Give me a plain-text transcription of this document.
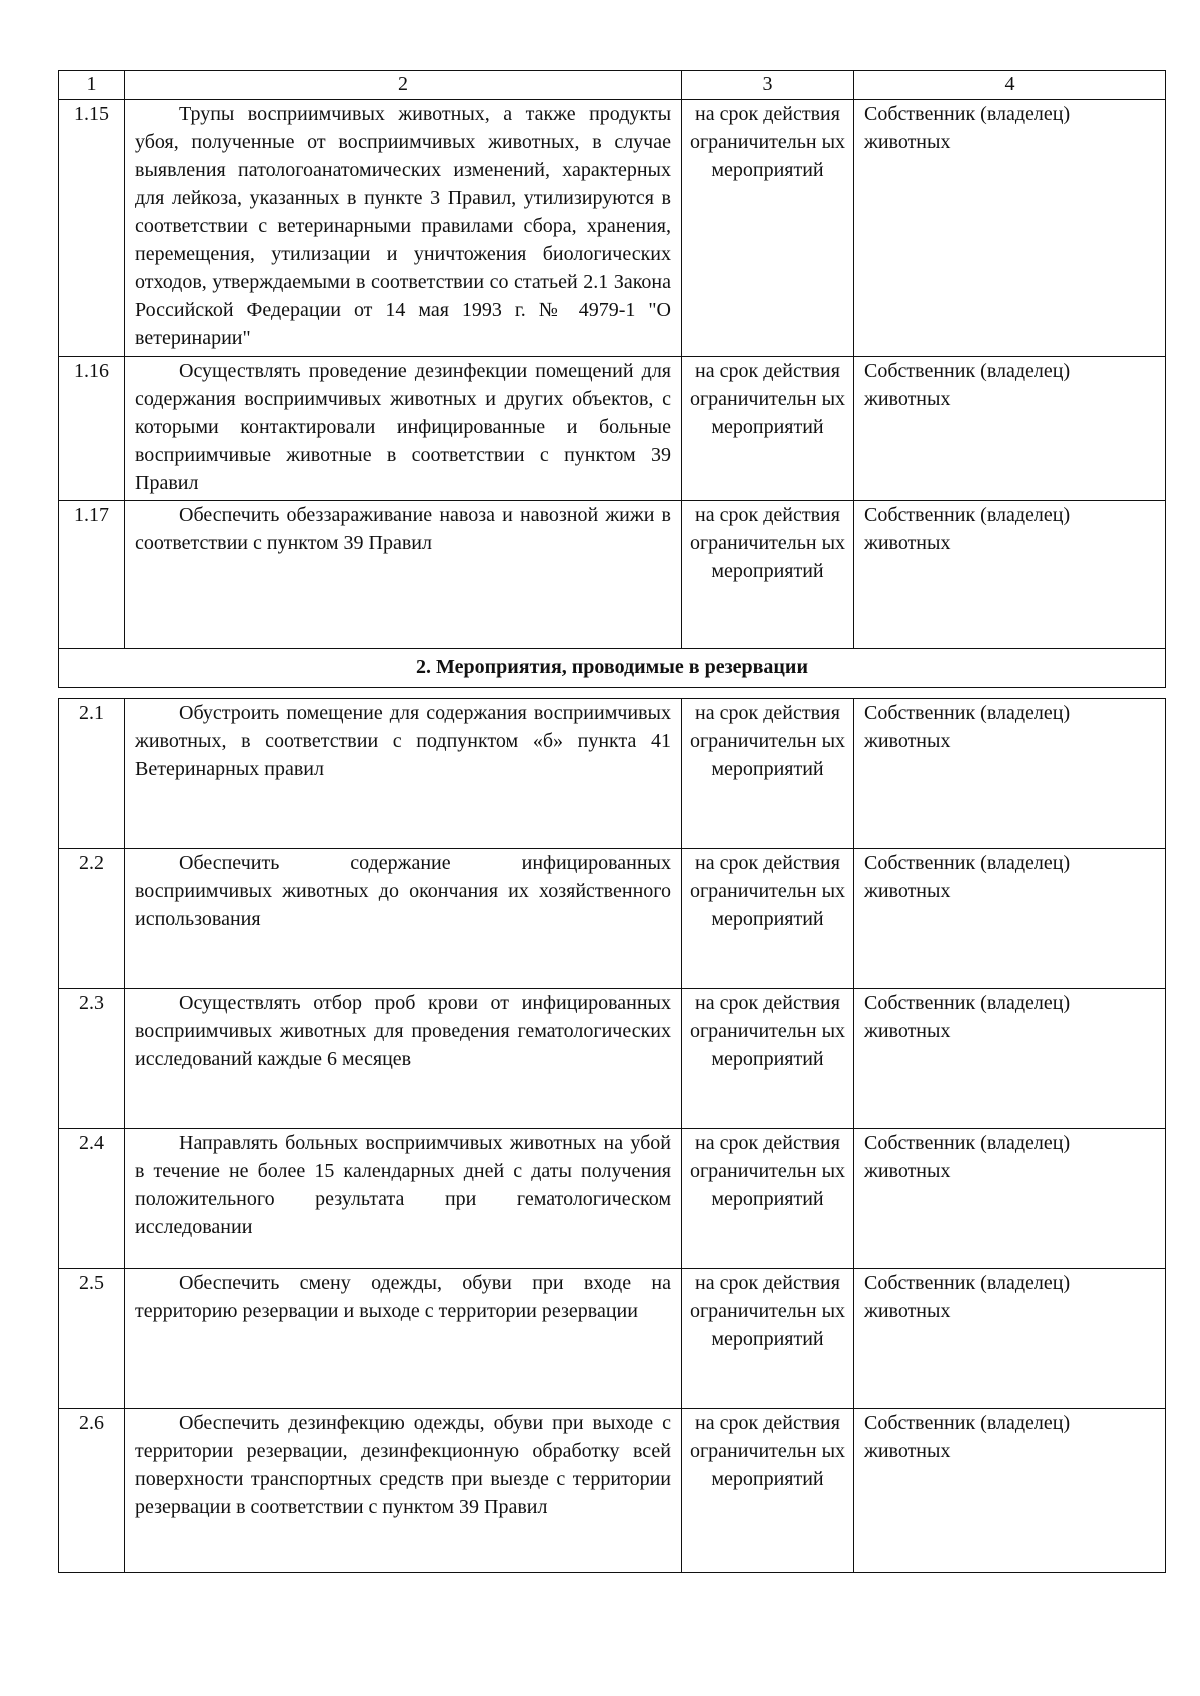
1	2	3	4
1.15	Трупы восприимчивых животных, а также продукты убоя, полученные от восприимчивых животных, в случае выявления патологоанатомических изменений, характерных для лейкоза, указанных в пункте 3 Правил, утилизируются в соответствии с ветеринарными правилами сбора, хранения, перемещения, утилизации и уничтожения биологических отходов, утверждаемыми в соответствии со статьей 2.1 Закона Российской Федерации от 14 мая 1993 г. № 4979-1 "О ветеринарии"	на срок действия ограничительн ых мероприятий	Собственник (владелец) животных
1.16	Осуществлять проведение дезинфекции помещений для содержания восприимчивых животных и других объектов, с которыми контактировали инфицированные и больные восприимчивые животные в соответствии с пунктом 39 Правил	на срок действия ограничительн ых мероприятий	Собственник (владелец) животных
1.17	Обеспечить обеззараживание навоза и навозной жижи в соответствии с пунктом 39 Правил	на срок действия ограничительн ых мероприятий	Собственник (владелец) животных
2. Мероприятия, проводимые в резервации			

2.1	Обустроить помещение для содержания восприимчивых животных, в соответствии с подпунктом «б» пункта 41 Ветеринарных правил	на срок действия ограничительн ых мероприятий	Собственник (владелец) животных
2.2	Обеспечить содержание инфицированных восприимчивых животных до окончания их хозяйственного использования	на срок действия ограничительн ых мероприятий	Собственник (владелец) животных
2.3	Осуществлять отбор проб крови от инфицированных восприимчивых животных для проведения гематологических исследований каждые 6 месяцев	на срок действия ограничительн ых мероприятий	Собственник (владелец) животных
2.4	Направлять больных восприимчивых животных на убой в течение не более 15 календарных дней с даты получения положительного результата при гематологическом исследовании	на срок действия ограничительн ых мероприятий	Собственник (владелец) животных
2.5	Обеспечить смену одежды, обуви при входе на территорию резервации и выходе с территории резервации	на срок действия ограничительн ых мероприятий	Собственник (владелец) животных
2.6	Обеспечить дезинфекцию одежды, обуви при выходе с территории резервации, дезинфекционную обработку всей поверхности транспортных средств при выезде с территории резервации в соответствии с пунктом 39 Правил	на срок действия ограничительн ых мероприятий	Собственник (владелец) животных
